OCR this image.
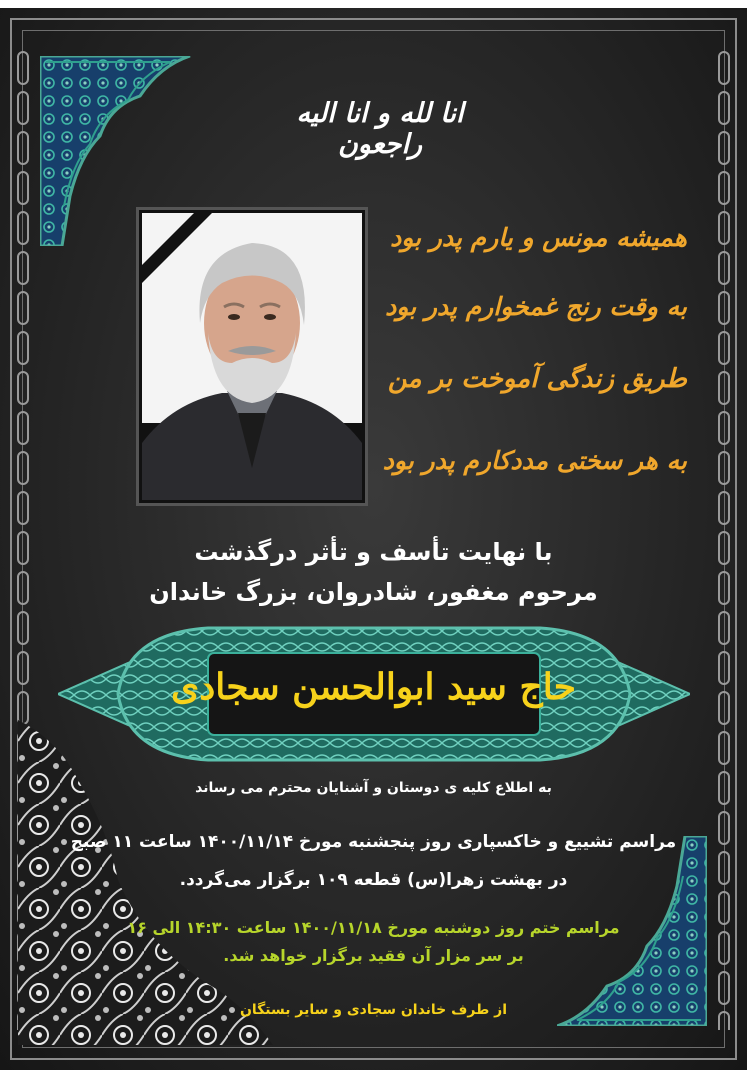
انا لله و انا الیه راجعون
همیشه مونس و یارم پدر بود
به وقت رنج غمخوارم پدر بود
طریق زندگی آموخت بر من
به هر سختی مددکارم پدر بود
با نهایت تأسف و تأثر درگذشت
مرحوم مغفور، شادروان، بزرگ خاندان
حاج سید ابوالحسن سجادی
به اطلاع کلیه ی دوستان و آشنایان محترم می رساند
مراسم تشییع و خاکسپاری روز پنجشنبه مورخ ۱۴۰۰/۱۱/۱۴ ساعت ۱۱ صبح
در بهشت زهرا(س) قطعه ۱۰۹ برگزار می‌گردد.
مراسم ختم روز دوشنبه مورخ ۱۴۰۰/۱۱/۱۸ ساعت ۱۴:۳۰ الی ۱۶
بر سر مزار آن فقید برگزار خواهد شد.
از طرف خاندان سجادی و سایر بستگان
